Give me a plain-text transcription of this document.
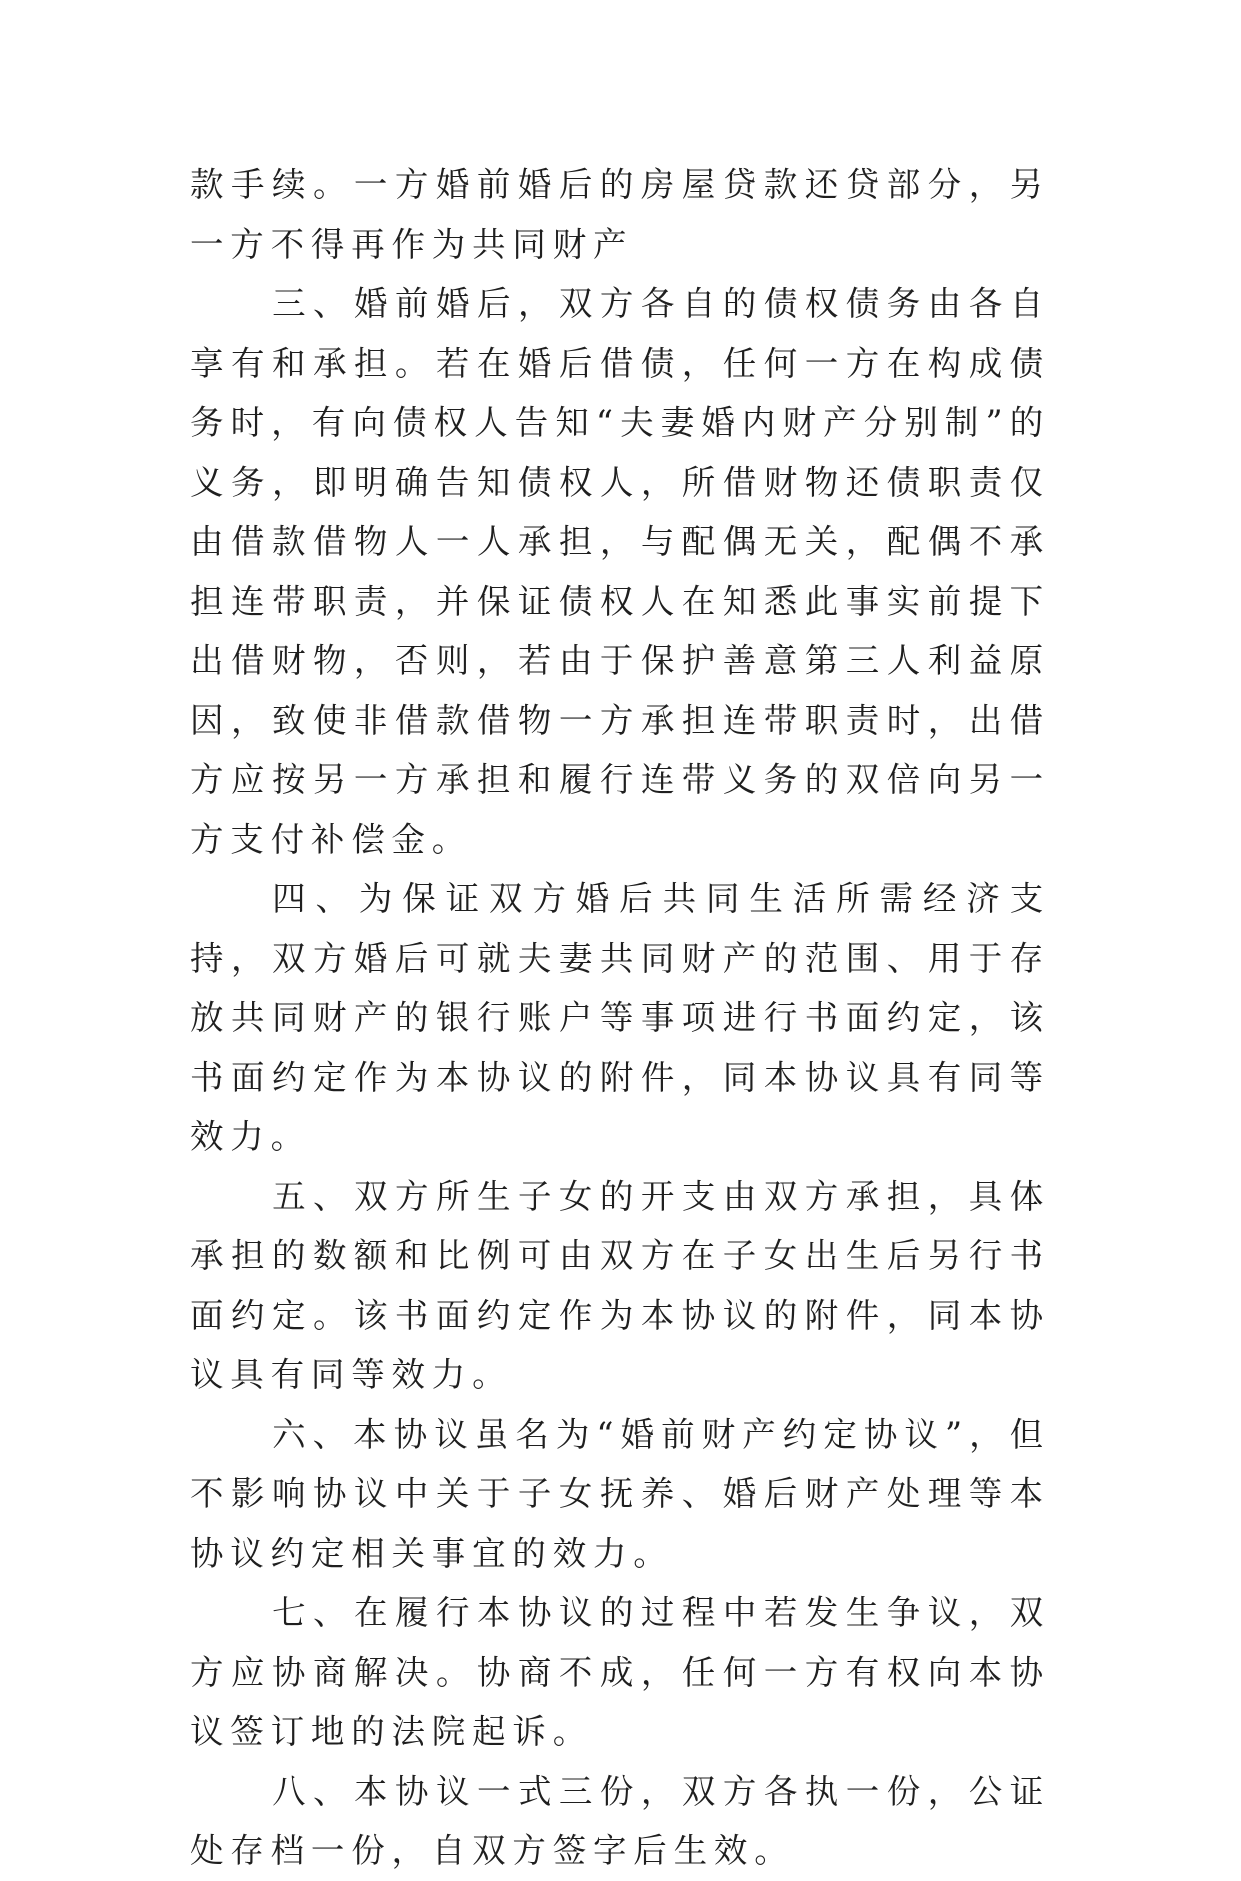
款手续。一方婚前婚后的房屋贷款还贷部分，另一方不得再作为共同财产

三、婚前婚后，双方各自的债权债务由各自享有和承担。若在婚后借债，任何一方在构成债务时，有向债权人告知“夫妻婚内财产分别制”的义务，即明确告知债权人，所借财物还债职责仅由借款借物人一人承担，与配偶无关，配偶不承担连带职责，并保证债权人在知悉此事实前提下出借财物，否则，若由于保护善意第三人利益原因，致使非借款借物一方承担连带职责时，出借方应按另一方承担和履行连带义务的双倍向另一方支付补偿金。

四、为保证双方婚后共同生活所需经济支持，双方婚后可就夫妻共同财产的范围、用于存放共同财产的银行账户等事项进行书面约定，该书面约定作为本协议的附件，同本协议具有同等效力。

五、双方所生子女的开支由双方承担，具体承担的数额和比例可由双方在子女出生后另行书面约定。该书面约定作为本协议的附件，同本协议具有同等效力。

六、本协议虽名为“婚前财产约定协议”，但不影响协议中关于子女抚养、婚后财产处理等本协议约定相关事宜的效力。

七、在履行本协议的过程中若发生争议，双方应协商解决。协商不成，任何一方有权向本协议签订地的法院起诉。

八、本协议一式三份，双方各执一份，公证处存档一份，自双方签字后生效。
